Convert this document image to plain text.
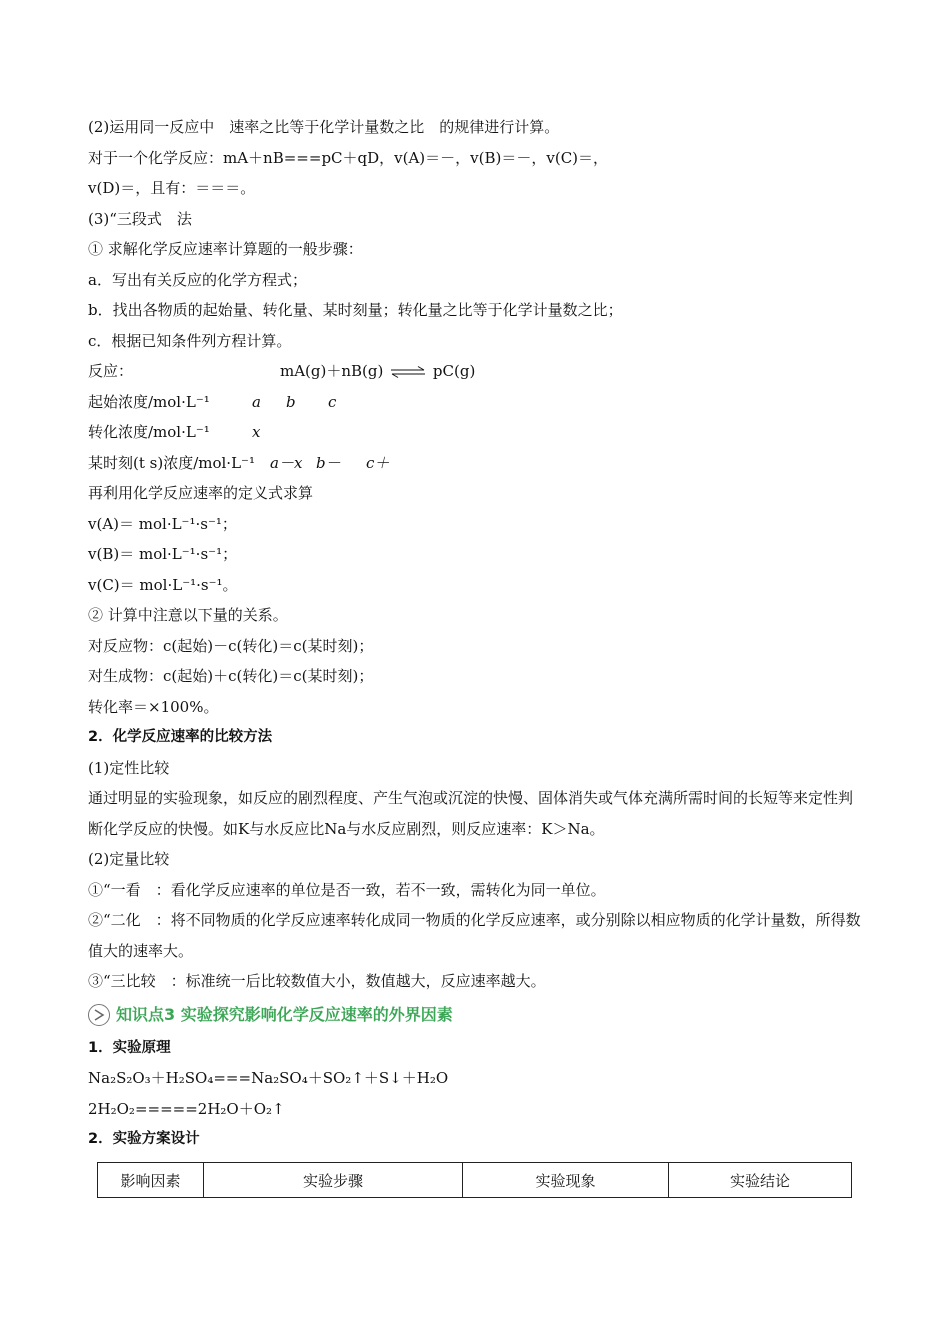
(2)运用同一反应中　速率之比等于化学计量数之比　的规律进行计算。
对于一个化学反应：mA＋nB===pC＋qD，v(A)＝－，v(B)＝－，v(C)＝，
v(D)＝，且有：＝＝＝。
(3)“三段式　法
① 求解化学反应速率计算题的一般步骤：
a．写出有关反应的化学方程式；
b．找出各物质的起始量、转化量、某时刻量；转化量之比等于化学计量数之比；
c．根据已知条件列方程计算。
反应：	mA(g)＋nB(g) ⇌ pC(g)
起始浓度/mol·L⁻¹	a b c
转化浓度/mol·L⁻¹	x
某时刻(t s)浓度/mol·L⁻¹ a－x b－ c＋
再利用化学反应速率的定义式求算
v(A)＝ mol·L⁻¹·s⁻¹；
v(B)＝ mol·L⁻¹·s⁻¹；
v(C)＝ mol·L⁻¹·s⁻¹。
② 计算中注意以下量的关系。
对反应物：c(起始)－c(转化)＝c(某时刻)；
对生成物：c(起始)＋c(转化)＝c(某时刻)；
转化率＝×100%。
2．化学反应速率的比较方法
(1)定性比较
通过明显的实验现象，如反应的剧烈程度、产生气泡或沉淀的快慢、固体消失或气体充满所需时间的长短等来定性判断化学反应的快慢。如K与水反应比Na与水反应剧烈，则反应速率：K＞Na。
(2)定量比较
①“一看　：看化学反应速率的单位是否一致，若不一致，需转化为同一单位。
②“二化　：将不同物质的化学反应速率转化成同一物质的化学反应速率，或分别除以相应物质的化学计量数，所得数值大的速率大。
③“三比较　：标准统一后比较数值大小，数值越大，反应速率越大。
知识点3 实验探究影响化学反应速率的外界因素
1．实验原理
Na₂S₂O₃＋H₂SO₄===Na₂SO₄＋SO₂↑＋S↓＋H₂O
2H₂O₂=====2H₂O＋O₂↑
2．实验方案设计
影响因素	实验步骤	实验现象	实验结论
